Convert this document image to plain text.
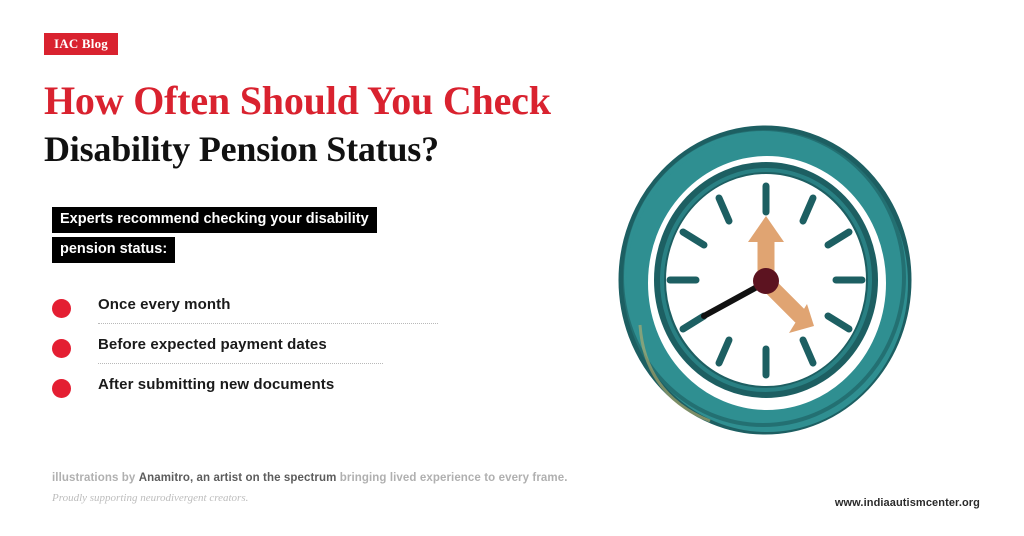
IAC Blog
How Often Should You Check
Disability Pension Status?
Experts recommend checking your disability
pension status:
Once every month
Before expected payment dates
After submitting new documents
illustrations by Anamitro, an artist on the spectrum bringing lived experience to every frame.
Proudly supporting neurodivergent creators.	www.indiaautismcenter.org
